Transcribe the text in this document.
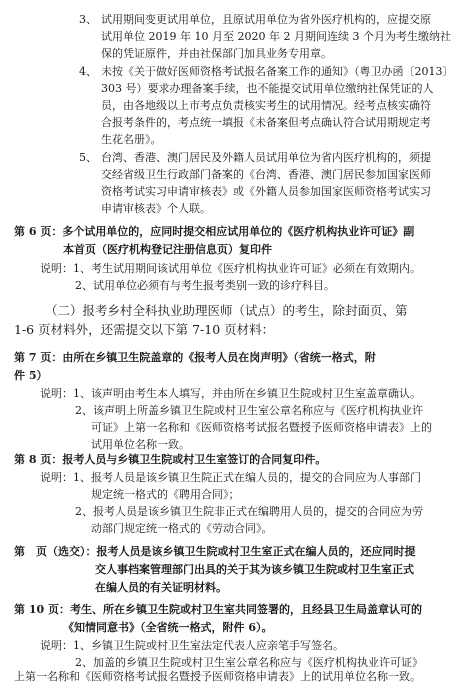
3、 试用期间变更试用单位，且原试用单位为省外医疗机构的，应提交原
试用单位 2019 年 10 月至 2020 年 2 月期间连续 3 个月为考生缴纳社
保的凭证原件，并由社保部门加具业务专用章。
4、 未按《关于做好医师资格考试报名备案工作的通知》（粤卫办函〔2013〕
303 号）要求办理备案手续，也不能提交试用单位缴纳社保凭证的人
员，由各地级以上市考点负责核实考生的试用情况。经考点核实确符
合报考条件的，考点统一填报《未备案但考点确认符合试用期规定考
生花名册》。
5、 台湾、香港、澳门居民及外籍人员试用单位为省内医疗机构的，须提
交经省级卫生行政部门备案的《台湾、香港、澳门居民参加国家医师
资格考试实习申请审核表》或《外籍人员参加国家医师资格考试实习
申请审核表》个人联。
第 6 页：多个试用单位的，应同时提交相应试用单位的《医疗机构执业许可证》副
本首页（医疗机构登记注册信息页）复印件
说明：1、考生试用期间该试用单位《医疗机构执业许可证》必须在有效期内。
2、试用单位必须有与考生报考类别一致的诊疗科目。
（二）报考乡村全科执业助理医师（试点）的考生，除封面页、第
1-6 页材料外，还需提交以下第 7-10 页材料：
第 7 页：由所在乡镇卫生院盖章的《报考人员在岗声明》（省统一格式，附
件 5）
说明：1、该声明由考生本人填写，并由所在乡镇卫生院或村卫生室盖章确认。
2、该声明上所盖乡镇卫生院或村卫生室公章名称应与《医疗机构执业许
可证》上第一名称和《医师资格考试报名暨授予医师资格申请表》上的
试用单位名称一致。
第 8 页：报考人员与乡镇卫生院或村卫生室签订的合同复印件。
说明：1、报考人员是该乡镇卫生院正式在编人员的，提交的合同应为人事部门
规定统一格式的《聘用合同》；
2、报考人员是该乡镇卫生院非正式在编聘用人员的，提交的合同应为劳
动部门规定统一格式的《劳动合同》。
第　页（选交）：报考人员是该乡镇卫生院或村卫生室正式在编人员的，还应同时提
交人事档案管理部门出具的关于其为该乡镇卫生院或村卫生室正式
在编人员的有关证明材料。
第 10 页：考生、所在乡镇卫生院或村卫生室共同签署的，且经县卫生局盖章认可的
《知情同意书》（全省统一格式，附件 6）。
说明：1、乡镇卫生院或村卫生室法定代表人应亲笔手写签名。
2、加盖的乡镇卫生院或村卫生室公章名称应与《医疗机构执业许可证》
上第一名称和《医师资格考试报名暨授予医师资格申请表》上的试用单位名称一致。
